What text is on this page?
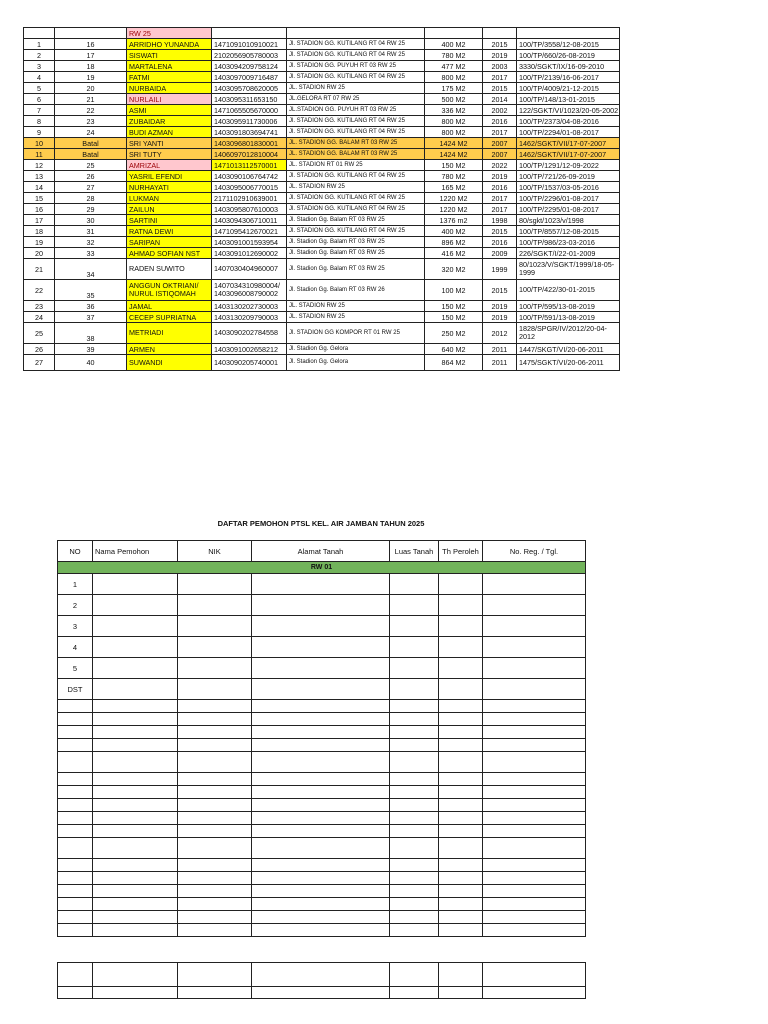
		RW 25					
1	16	ARRIDHO YUNANDA	1471091010910021	Jl. STADION GG. KUTILANG RT 04 RW 25	400 M2	2015	100/TP/3558/12-08-2015
2	17	SISWATI	2102056905780003	Jl. STADION GG. KUTILANG RT 04 RW 25	780 M2	2019	100/TP/660/26-08-2019
3	18	MARTALENA	1403094209758124	Jl. STADION GG. PUYUH RT 03 RW 25	477 M2	2003	3330/SGKT/IX/16-09-2010
4	19	FATMI	1403097009716487	Jl. STADION GG. KUTILANG RT 04 RW 25	800 M2	2017	100/TP/2139/16-06-2017
5	20	NURBAIDA	1403095708620005	JL. STADION RW 25	175 M2	2015	100/TP/4009/21-12-2015
6	21	NURLAILI	1403095311653150	JL.GELORA RT 07 RW 25	500 M2	2014	100/TP/148/13-01-2015
7	22	ASMI	1471065505670000	JL.STADION GG. PUYUH RT 03 RW 25	336 M2	2002	122/SGKT/VI/1023/20-05-2002
8	23	ZUBAIDAR	1403095911730006	Jl. STADION GG. KUTILANG RT 04 RW 25	800 M2	2016	100/TP/2373/04-08-2016
9	24	BUDI AZMAN	1403091803694741	Jl. STADION GG. KUTILANG RT 04 RW 25	800 M2	2017	100/TP/2294/01-08-2017
10	Batal	SRI YANTI	1403096801830001	JL. STADION GG. BALAM RT 03 RW 25	1424 M2	2007	1462/SGKT/VII/17-07-2007
11	Batal	SRI TUTY	1406097012810004	JL. STADION GG. BALAM RT 03 RW 25	1424 M2	2007	1462/SGKT/VII/17-07-2007
12	25	AMRIZAL	1471013112570001	JL. STADION RT 01 RW 25	150 M2	2022	100/TP/1291/12-09-2022
13	26	YASRIL EFENDI	1403090106764742	Jl. STADION GG. KUTILANG RT 04 RW 25	780 M2	2019	100/TP/721/26-09-2019
14	27	NURHAYATI	1403095006770015	JL. STADION RW 25	165 M2	2016	100/TP/1537/03-05-2016
15	28	LUKMAN	2171102910639001	Jl. STADION GG. KUTILANG RT 04 RW 25	1220 M2	2017	100/TP/2296/01-08-2017
16	29	ZAILUN	1403095807610003	Jl. STADION GG. KUTILANG RT 04 RW 25	1220 M2	2017	100/TP/2295/01-08-2017
17	30	SARTINI	1403094306710011	Jl. Stadion Gg. Balam RT 03 RW 25	1376 m2	1998	80/sgkt/1023/v/1998
18	31	RATNA DEWI	1471095412670021	Jl. STADION GG. KUTILANG RT 04 RW 25	400 M2	2015	100/TP/8557/12-08-2015
19	32	SARIPAN	1403091001593954	Jl. Stadion Gg. Balam RT 03 RW 25	896 M2	2016	100/TP/986/23-03-2016
20	33	AHMAD SOFIAN NST	1403091012690002	Jl. Stadion Gg. Balam RT 03 RW 25	416 M2	2009	226/SGKT/I/22-01-2009
21	34	RADEN SUWITO	1407030404960007	Jl. Stadion Gg. Balam RT 03 RW 25	320 M2	1999	80/1023/V/SGKT/1999/18-05-1999
22	35	ANGGUN OKTRIANI/ NURUL ISTIQOMAH	1407034310980004/ 1403096008790002	Jl. Stadion Gg. Balam RT 03 RW 26	100 M2	2015	100/TP/422/30-01-2015
23	36	JAMAL	1403130202730003	JL. STADION RW 25	150 M2	2019	100/TP/595/13-08-2019
24	37	CECEP SUPRIATNA	1403130209790003	JL. STADION RW 25	150 M2	2019	100/TP/591/13-08-2019
25	38	METRIADI	1403090202784558	Jl. STADION GG KOMPOR RT 01 RW 25	250 M2	2012	1828/SPGR/IV/2012/20-04-2012
26	39	ARMEN	1403091002658212	Jl. Stadion Gg. Gelora	640 M2	2011	1447/SKGT/VI/20-06-2011
27	40	SUWANDI	1403090205740001	Jl. Stadion Gg. Gelora	864 M2	2011	1475/SGKT/VI/20-06-2011
DAFTAR PEMOHON PTSL KEL. AIR JAMBAN TAHUN 2025
NO	Nama Pemohon	NIK	Alamat Tanah	Luas Tanah	Th Peroleh	No. Reg. / Tgl.
RW 01						
1						
2						
3						
4						
5						
DST						
